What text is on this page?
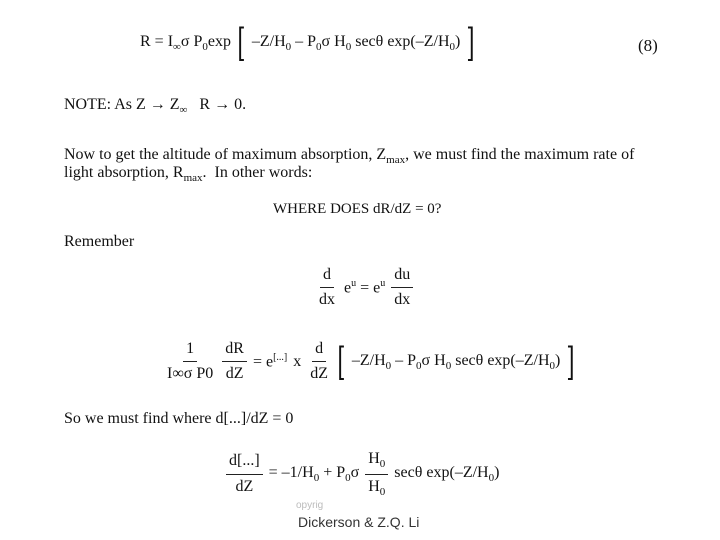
$R = I_\infty\sigma$ $P_0\exp$ [ $-Z/H_0 - P_0\sigma$ $H_0$ secθ $\exp(-Z/H_0)$ ]	(8)
NOTE: As $Z \to Z_\infty$   R → 0.
Now to get the altitude of maximum absorption, $Z_{max}$, we must find the maximum rate of
light absorption, $R_{max}$.  In other words:
WHERE DOES dR/dZ = 0?
Remember
$\frac{d}{dx} e^u = e^u \frac{du}{dx}$
$\frac{1}{\text{I∞σ P0}} \frac{dR}{dZ} = e[...]$ x $\frac{d}{dZ}$ [ $-Z/H_0 - P_0\sigma$ $H_0$ secθ $\exp(-Z/H_0)$ ]
So we must find where d[...]/dZ = 0
$\frac{d[...]}{dZ} = -1/H_0 + P_0\sigma \frac{H_0}{H_0}$ secθ $\exp(-Z/H_0)$
opyrig
Dickerson & Z.Q. Li
